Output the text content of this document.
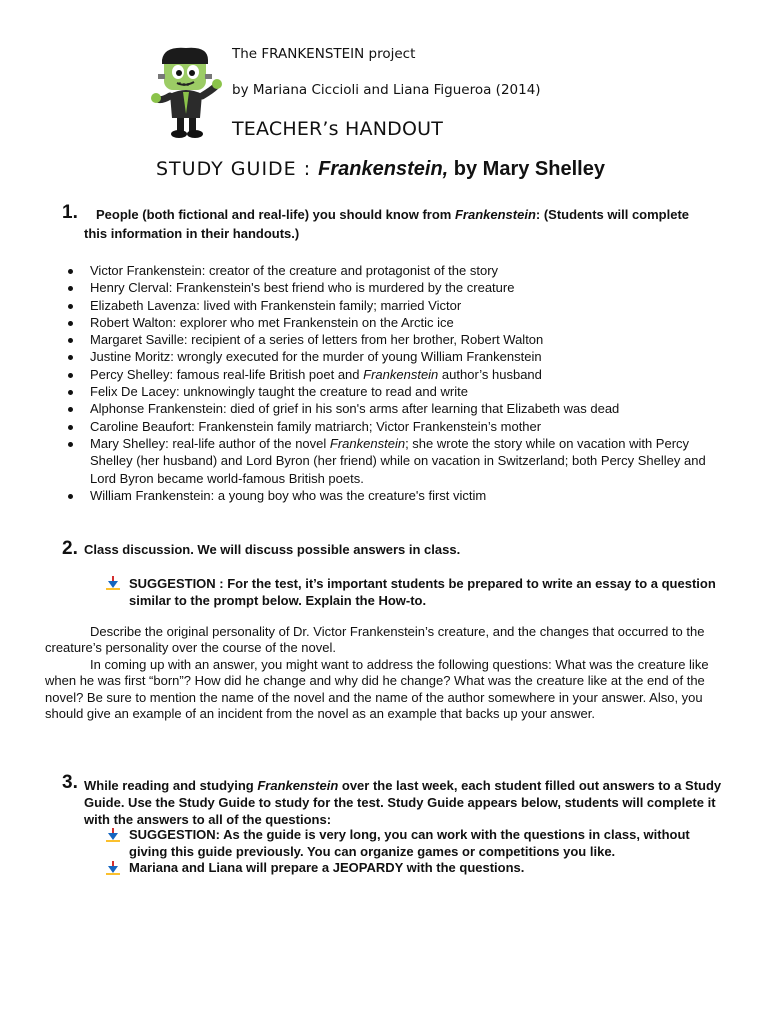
The FRANKENSTEIN project
by Mariana Ciccioli and Liana Figueroa (2014)
TEACHER’s HANDOUT
STUDY GUIDE : Frankenstein, by Mary Shelley
1.	People (both fictional and real-life) you should know from Frankenstein: (Students will complete this information in their handouts.)
Victor Frankenstein: creator of the creature and protagonist of the story
Henry Clerval: Frankenstein's best friend who is murdered by the creature
Elizabeth Lavenza: lived with Frankenstein family; married Victor
Robert Walton: explorer who met Frankenstein on the Arctic ice
Margaret Saville: recipient of a series of letters from her brother, Robert Walton
Justine Moritz: wrongly executed for the murder of young William Frankenstein
Percy Shelley: famous real-life British poet and Frankenstein author’s husband
Felix De Lacey: unknowingly taught the creature to read and write
Alphonse Frankenstein: died of grief in his son's arms after learning that Elizabeth was dead
Caroline Beaufort: Frankenstein family matriarch; Victor Frankenstein’s mother
Mary Shelley: real-life author of the novel Frankenstein; she wrote the story while on vacation with Percy Shelley (her husband) and Lord Byron (her friend) while on vacation in Switzerland; both Percy Shelley and Lord Byron became world-famous British poets.
William Frankenstein: a young boy who was the creature's first victim
2. Class discussion. We will discuss possible answers in class.
SUGGESTION : For the test, it’s important students be prepared to write an essay to a question similar to the prompt below. Explain the How-to.

Describe the original personality of Dr. Victor Frankenstein’s creature, and the changes that occurred to the creature’s personality over the course of the novel.

In coming up with an answer, you might want to address the following questions: What was the creature like when he was first “born”? How did he change and why did he change? What was the creature like at the end of the novel? Be sure to mention the name of the novel and the name of the author somewhere in your answer. Also, you should give an example of an incident from the novel as an example that backs up your answer.

3. While reading and studying Frankenstein over the last week, each student filled out answers to a Study Guide. Use the Study Guide to study for the test. Study Guide appears below, students will complete it with the answers to all of the questions:
SUGGESTION: As the guide is very long, you can work with the questions in class, without giving this guide previously. You can organize games or competitions you like.
Mariana and Liana will prepare a JEOPARDY with the questions.
